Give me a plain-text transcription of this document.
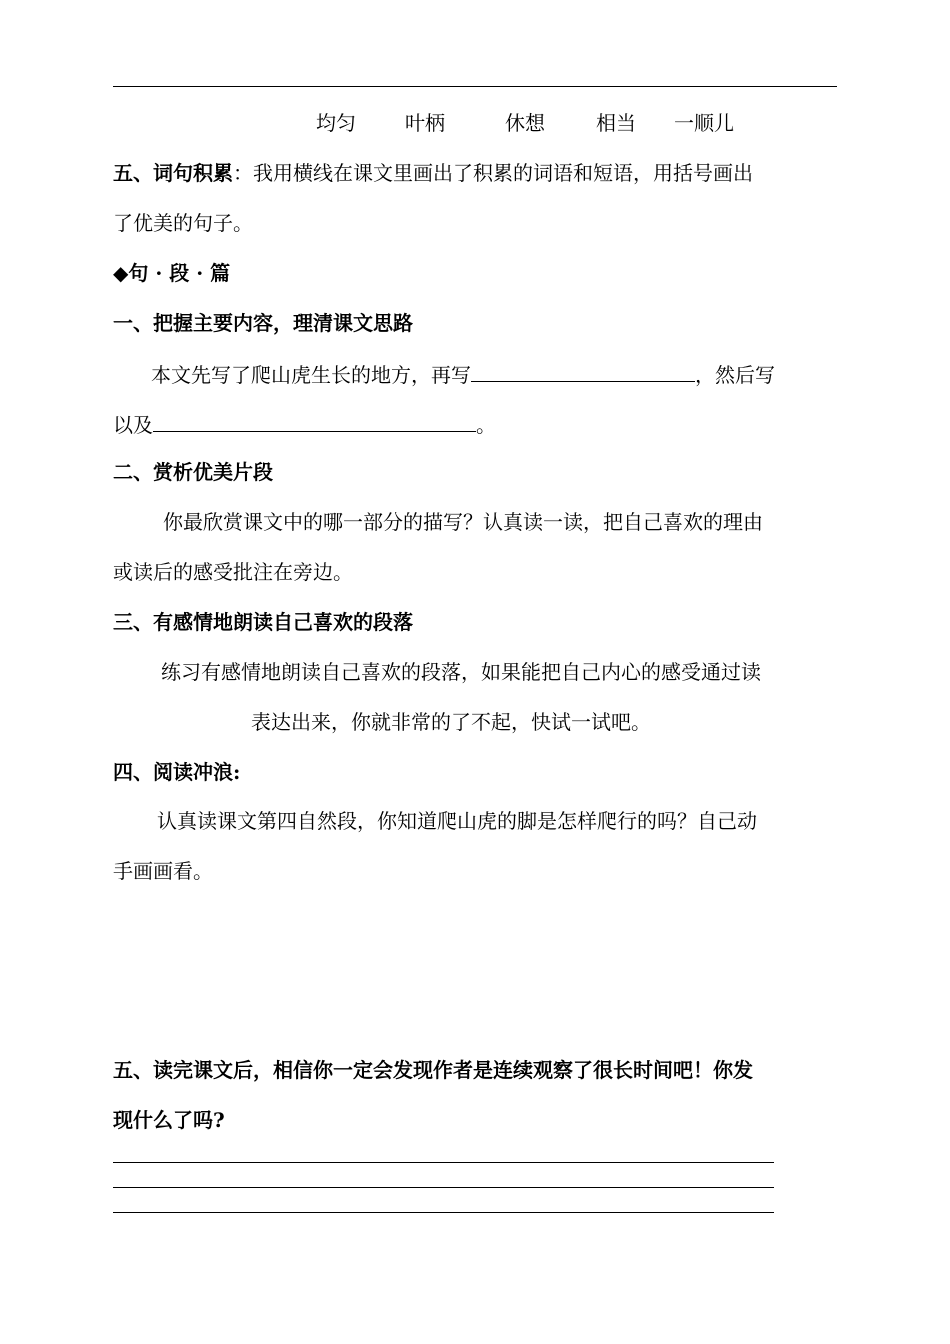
均匀 叶柄	休想	相当 一顺儿
五、词句积累：我用横线在课文里画出了积累的词语和短语，用括号画出
了优美的句子。
◆句 · 段 · 篇
一、把握主要内容，理清课文思路
本文先写了爬山虎生长的地方，再写	，然后写
以及	。
二、赏析优美片段
你最欣赏课文中的哪一部分的描写？认真读一读，把自己喜欢的理由
或读后的感受批注在旁边。
三、有感情地朗读自己喜欢的段落
练习有感情地朗读自己喜欢的段落，如果能把自己内心的感受通过读
表达出来，你就非常的了不起，快试一试吧。
四、阅读冲浪:
认真读课文第四自然段，你知道爬山虎的脚是怎样爬行的吗？自己动
手画画看。
五、读完课文后，相信你一定会发现作者是连续观察了很长时间吧！你发
现什么了吗?
